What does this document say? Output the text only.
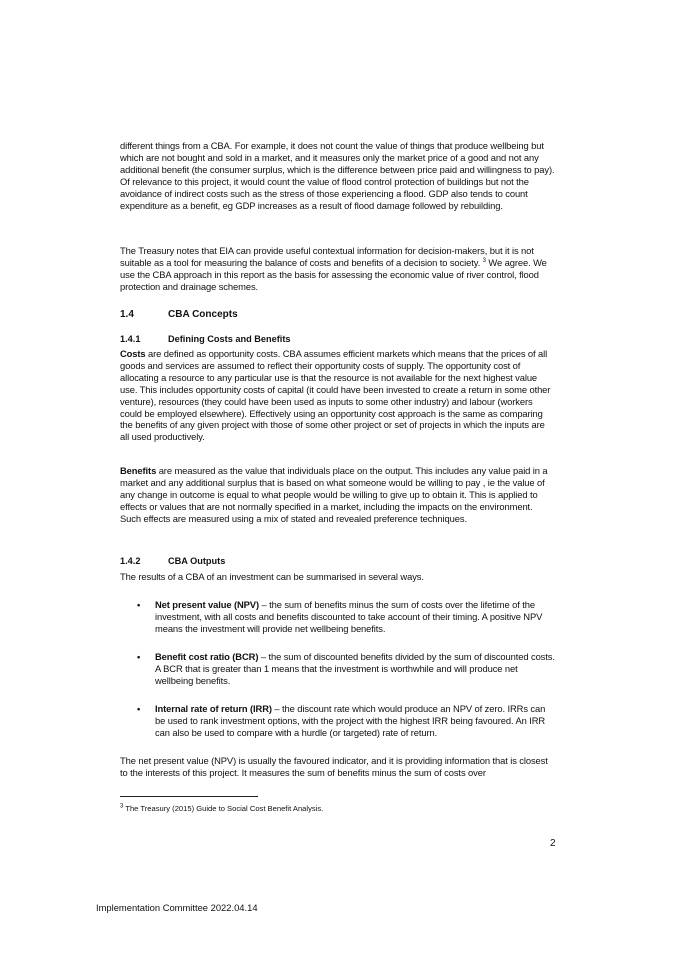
different things from a CBA. For example, it does not count the value of things that produce wellbeing but which are not bought and sold in a market, and it measures only the market price of a good and not any additional benefit (the consumer surplus, which is the difference between price paid and willingness to pay). Of relevance to this project, it would count the value of flood control protection of buildings but not the avoidance of indirect costs such as the stress of those experiencing a flood. GDP also tends to count expenditure as a benefit, eg GDP increases as a result of flood damage followed by rebuilding.

The Treasury notes that EIA can provide useful contextual information for decision-makers, but it is not suitable as a tool for measuring the balance of costs and benefits of a decision to society. $^3$ We agree. We use the CBA approach in this report as the basis for assessing the economic value of river control, flood protection and drainage schemes.

1.4	CBA Concepts
1.4.1	Defining Costs and Benefits

Costs are defined as opportunity costs. CBA assumes efficient markets which means that the prices of all goods and services are assumed to reflect their opportunity costs of supply. The opportunity cost of allocating a resource to any particular use is that the resource is not available for the next highest value use. This includes opportunity costs of capital (it could have been invested to create a return in some other venture), resources (they could have been used as inputs to some other industry) and labour (workers could be employed elsewhere). Effectively using an opportunity cost approach is the same as comparing the benefits of any given project with those of some other project or set of projects in which the inputs are all used productively.

Benefits are measured as the value that individuals place on the output. This includes any value paid in a market and any additional surplus that is based on what someone would be willing to pay , ie the value of any change in outcome is equal to what people would be willing to give up to obtain it. This is applied to effects or values that are not normally specified in a market, including the impacts on the environment. Such effects are measured using a mix of stated and revealed preference techniques.

1.4.2	CBA Outputs

The results of a CBA of an investment can be summarised in several ways.

• Net present value (NPV) – the sum of benefits minus the sum of costs over the lifetime of the investment, with all costs and benefits discounted to take account of their timing. A positive NPV means the investment will provide net wellbeing benefits.

• Benefit cost ratio (BCR) – the sum of discounted benefits divided by the sum of discounted costs. A BCR that is greater than 1 means that the investment is worthwhile and will produce net wellbeing benefits.

• Internal rate of return (IRR) – the discount rate which would produce an NPV of zero. IRRs can be used to rank investment options, with the project with the highest IRR being favoured. An IRR can also be used to compare with a hurdle (or targeted) rate of return.

The net present value (NPV) is usually the favoured indicator, and it is providing information that is closest to the interests of this project. It measures the sum of benefits minus the sum of costs over

$^3$ The Treasury (2015) Guide to Social Cost Benefit Analysis.
2
Implementation Committee 2022.04.14
